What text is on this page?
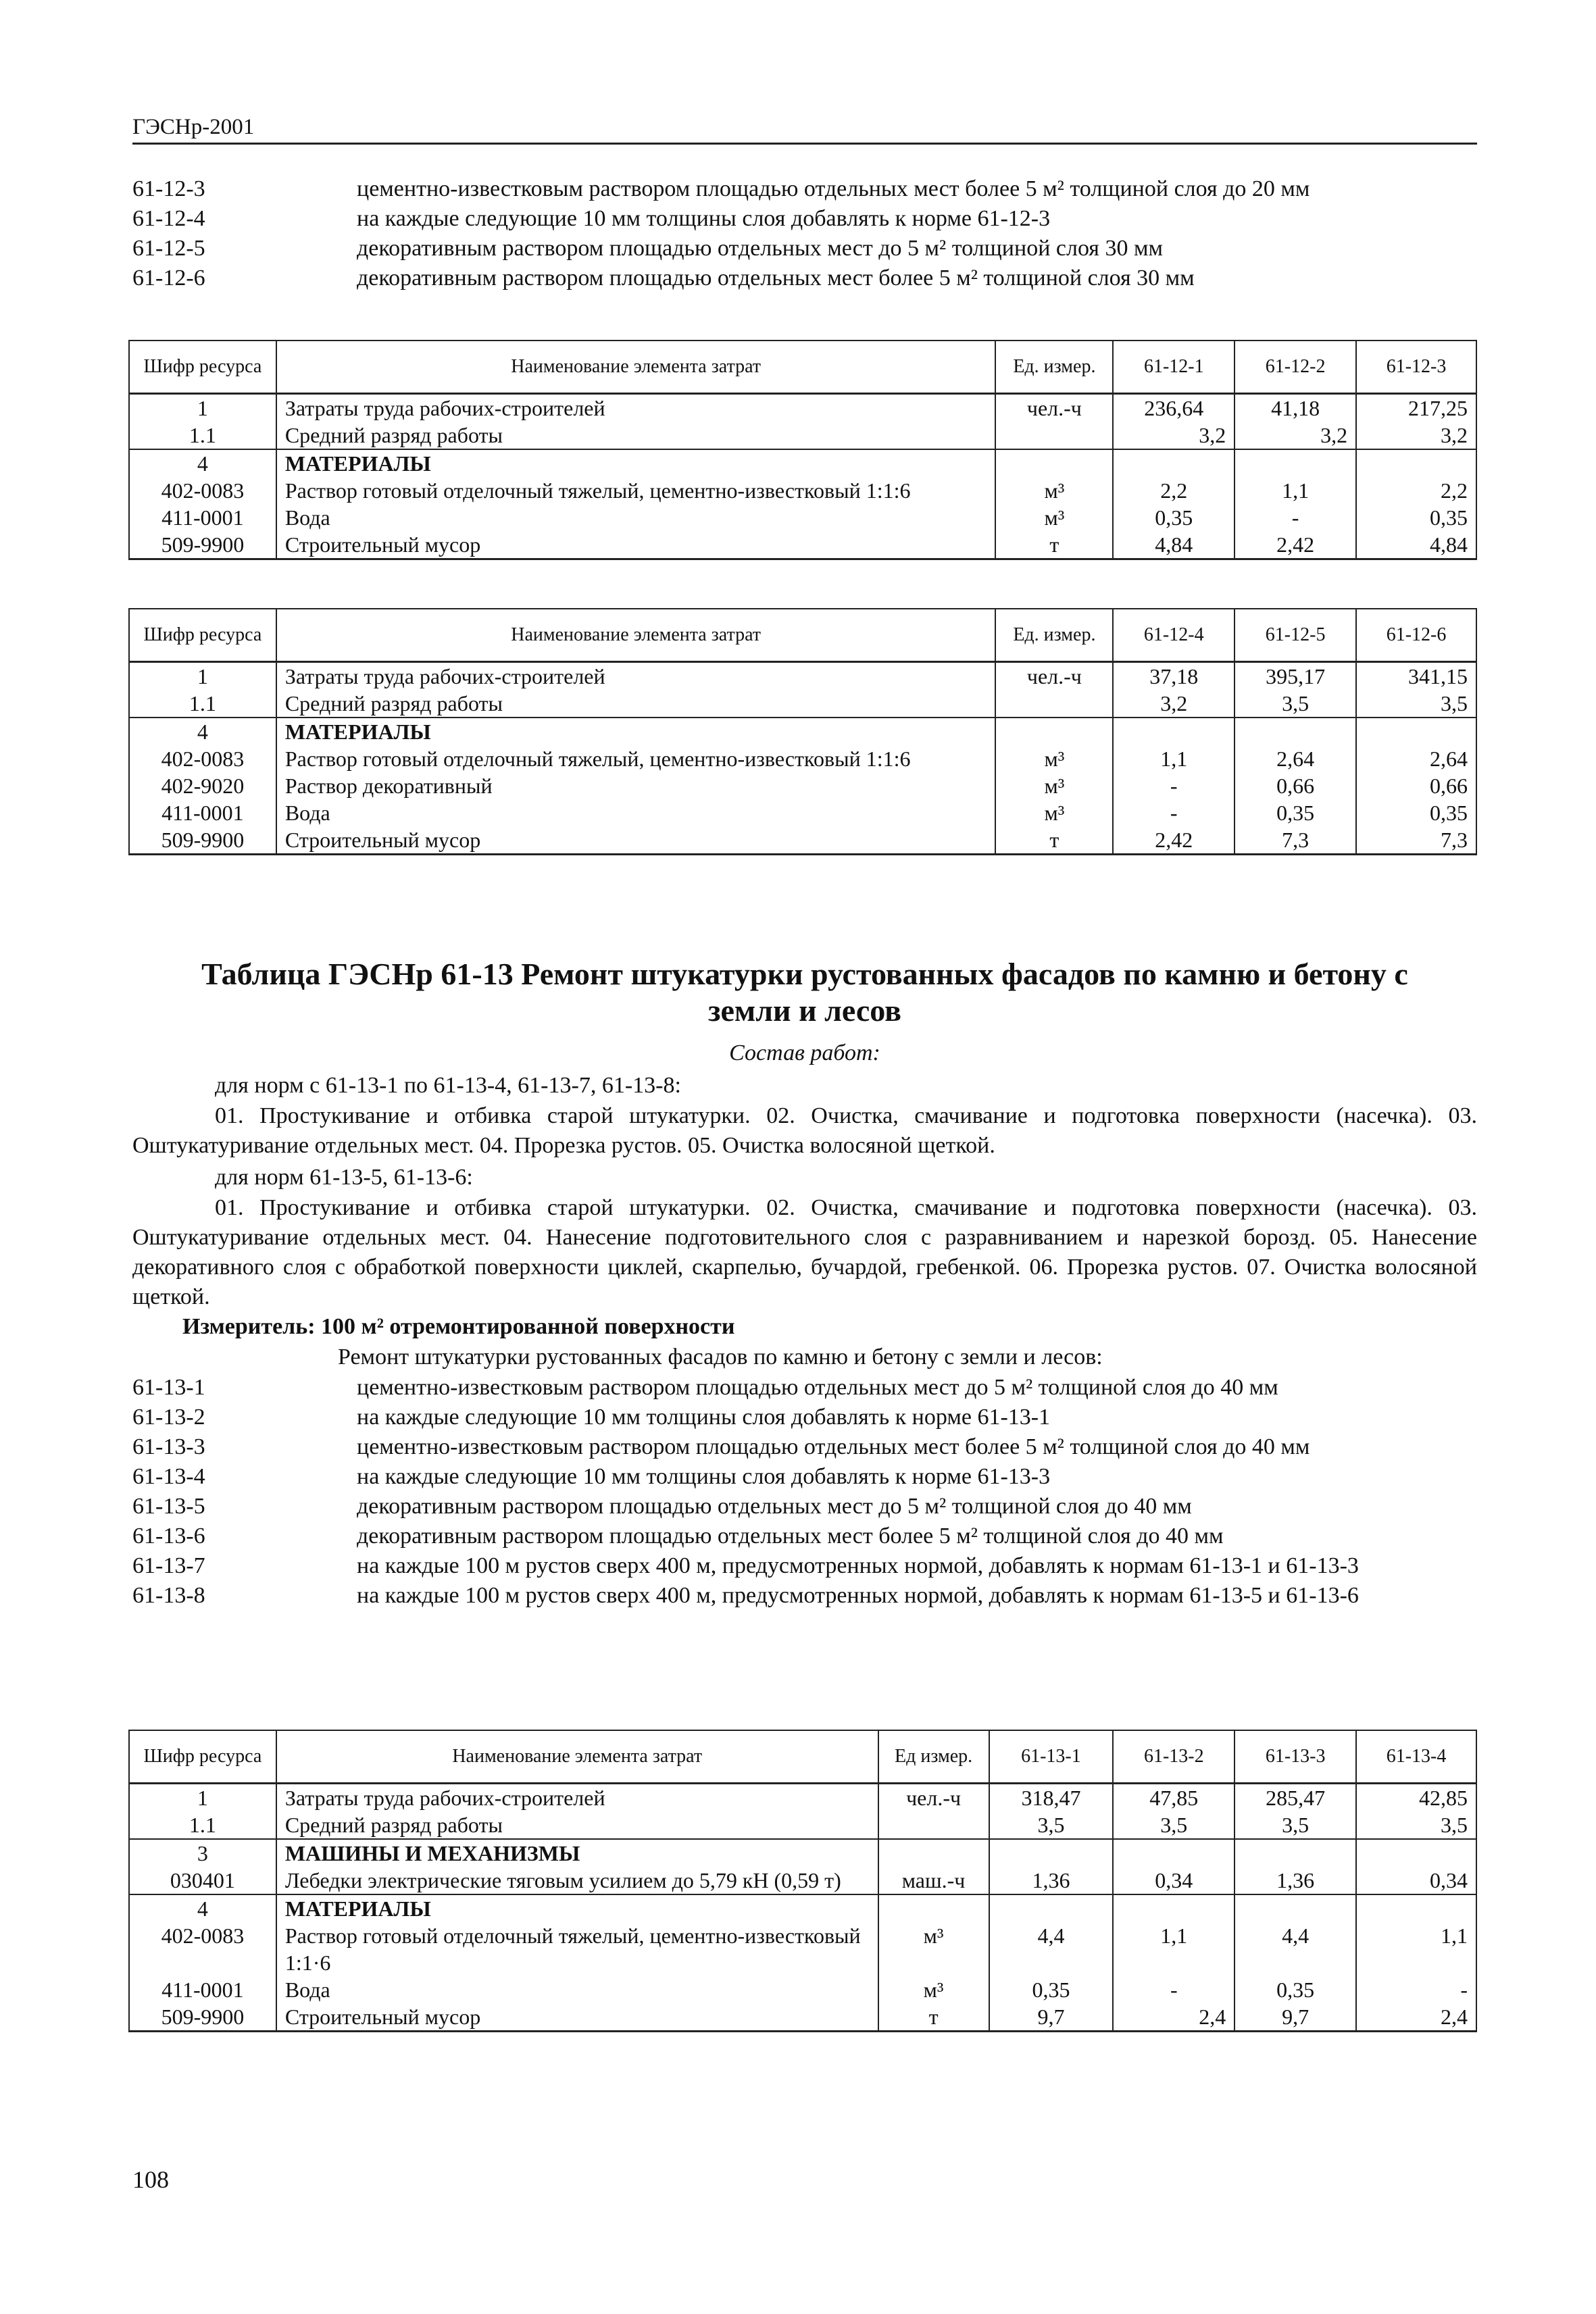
ГЭСНр-2001
61-12-3	цементно-известковым раствором площадью отдельных мест более 5 м² толщиной слоя до 20 мм
61-12-4	на каждые следующие 10 мм толщины слоя добавлять к норме 61-12-3
61-12-5	декоративным раствором площадью отдельных мест до 5 м² толщиной слоя 30 мм
61-12-6	декоративным раствором площадью отдельных мест более 5 м² толщиной слоя 30 мм
Шифр ресурса	Наименование элемента затрат	Ед. измер.	61-12-1	61-12-2	61-12-3
1	Затраты труда рабочих-строителей	чел.-ч	236,64	41,18	217,25
1.1	Средний разряд работы		3,2	3,2	3,2
4	МАТЕРИАЛЫ				
402-0083	Раствор готовый отделочный тяжелый, цементно-известковый 1:1:6	м³	2,2	1,1	2,2
411-0001	Вода	м³	0,35	-	0,35
509-9900	Строительный мусор	т	4,84	2,42	4,84
Шифр ресурса	Наименование элемента затрат	Ед. измер.	61-12-4	61-12-5	61-12-6
1	Затраты труда рабочих-строителей	чел.-ч	37,18	395,17	341,15
1.1	Средний разряд работы		3,2	3,5	3,5
4	МАТЕРИАЛЫ				
402-0083	Раствор готовый отделочный тяжелый, цементно-известковый 1:1:6	м³	1,1	2,64	2,64
402-9020	Раствор декоративный	м³	-	0,66	0,66
411-0001	Вода	м³	-	0,35	0,35
509-9900	Строительный мусор	т	2,42	7,3	7,3
Таблица ГЭСНр 61-13 Ремонт штукатурки рустованных фасадов по камню и бетону с
земли и лесов
Состав работ:
для норм с 61-13-1 по 61-13-4, 61-13-7, 61-13-8:
01. Простукивание и отбивка старой штукатурки. 02. Очистка, смачивание и подготовка поверхности (насечка). 03. Оштукатуривание отдельных мест. 04. Прорезка рустов. 05. Очистка волосяной щеткой.
для норм 61-13-5, 61-13-6:
01. Простукивание и отбивка старой штукатурки. 02. Очистка, смачивание и подготовка поверхности (насечка). 03. Оштукатуривание отдельных мест. 04. Нанесение подготовительного слоя с разравниванием и нарезкой борозд. 05. Нанесение декоративного слоя с обработкой поверхности циклей, скарпелью, бучардой, гребенкой. 06. Прорезка рустов. 07. Очистка волосяной щеткой.
Измеритель: 100 м² отремонтированной поверхности
Ремонт штукатурки рустованных фасадов по камню и бетону с земли и лесов:
61-13-1	цементно-известковым раствором площадью отдельных мест до 5 м² толщиной слоя до 40 мм
61-13-2	на каждые следующие 10 мм толщины слоя добавлять к норме 61-13-1
61-13-3	цементно-известковым раствором площадью отдельных мест более 5 м² толщиной слоя до 40 мм
61-13-4	на каждые следующие 10 мм толщины слоя добавлять к норме 61-13-3
61-13-5	декоративным раствором площадью отдельных мест до 5 м² толщиной слоя до 40 мм
61-13-6	декоративным раствором площадью отдельных мест более 5 м² толщиной слоя до 40 мм
61-13-7	на каждые 100 м рустов сверх 400 м, предусмотренных нормой, добавлять к нормам 61-13-1 и 61-13-3
61-13-8	на каждые 100 м рустов сверх 400 м, предусмотренных нормой, добавлять к нормам 61-13-5 и 61-13-6
Шифр ресурса	Наименование элемента затрат	Ед измер.	61-13-1	61-13-2	61-13-3	61-13-4
1	Затраты труда рабочих-строителей	чел.-ч	318,47	47,85	285,47	42,85
1.1	Средний разряд работы		3,5	3,5	3,5	3,5
3	МАШИНЫ И МЕХАНИЗМЫ					
030401	Лебедки электрические тяговым усилием до 5,79 кН (0,59 т)	маш.-ч	1,36	0,34	1,36	0,34
4	МАТЕРИАЛЫ					
402-0083	Раствор готовый отделочный тяжелый, цементно-известковый 1:1·6	м³	4,4	1,1	4,4	1,1
411-0001	Вода	м³	0,35	-	0,35	-
509-9900	Строительный мусор	т	9,7	2,4	9,7	2,4
108
